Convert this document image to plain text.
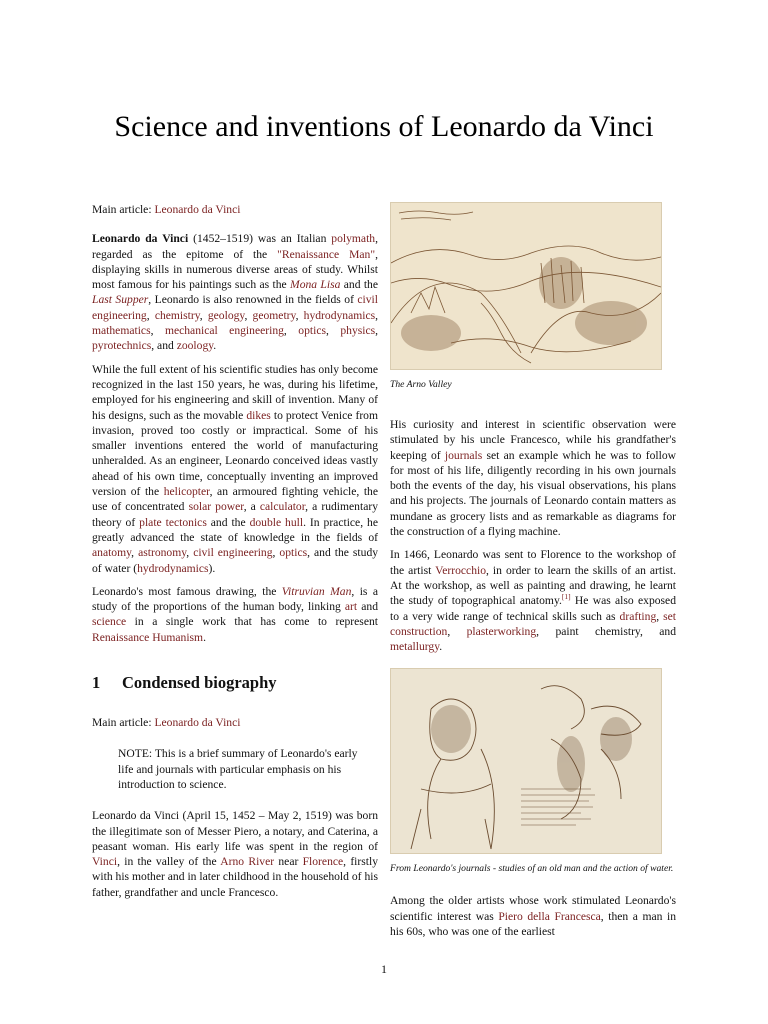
Science and inventions of Leonardo da Vinci

Main article: Leonardo da Vinci

Leonardo da Vinci (1452–1519) was an Italian polymath, regarded as the epitome of the "Renaissance Man", displaying skills in numerous diverse areas of study. Whilst most famous for his paintings such as the Mona Lisa and the Last Supper, Leonardo is also renowned in the fields of civil engineering, chemistry, geology, geometry, hydrodynamics, mathematics, mechanical engineering, optics, physics, pyrotechnics, and zoology.

While the full extent of his scientific studies has only become recognized in the last 150 years, he was, during his lifetime, employed for his engineering and skill of invention. Many of his designs, such as the movable dikes to protect Venice from invasion, proved too costly or impractical. Some of his smaller inventions entered the world of manufacturing unheralded. As an engineer, Leonardo conceived ideas vastly ahead of his own time, conceptually inventing an improved version of the helicopter, an armoured fighting vehicle, the use of concentrated solar power, a calculator, a rudimentary theory of plate tectonics and the double hull. In practice, he greatly advanced the state of knowledge in the fields of anatomy, astronomy, civil engineering, optics, and the study of water (hydrodynamics).

Leonardo's most famous drawing, the Vitruvian Man, is a study of the proportions of the human body, linking art and science in a single work that has come to represent Renaissance Humanism.

1 Condensed biography

Main article: Leonardo da Vinci

NOTE: This is a brief summary of Leonardo's early life and journals with particular emphasis on his introduction to science.

Leonardo da Vinci (April 15, 1452 – May 2, 1519) was born the illegitimate son of Messer Piero, a notary, and Caterina, a peasant woman. His early life was spent in the region of Vinci, in the valley of the Arno River near Florence, firstly with his mother and in later childhood in the household of his father, grandfather and uncle Francesco.

The Arno Valley

His curiosity and interest in scientific observation were stimulated by his uncle Francesco, while his grandfather's keeping of journals set an example which he was to follow for most of his life, diligently recording in his own journals both the events of the day, his visual observations, his plans and his projects. The journals of Leonardo contain matters as mundane as grocery lists and as remarkable as diagrams for the construction of a flying machine.

In 1466, Leonardo was sent to Florence to the workshop of the artist Verrocchio, in order to learn the skills of an artist. At the workshop, as well as painting and drawing, he learnt the study of topographical anatomy.[1] He was also exposed to a very wide range of technical skills such as drafting, set construction, plasterworking, paint chemistry, and metallurgy.

From Leonardo's journals - studies of an old man and the action of water.

Among the older artists whose work stimulated Leonardo's scientific interest was Piero della Francesca, then a man in his 60s, who was one of the earliest

1
